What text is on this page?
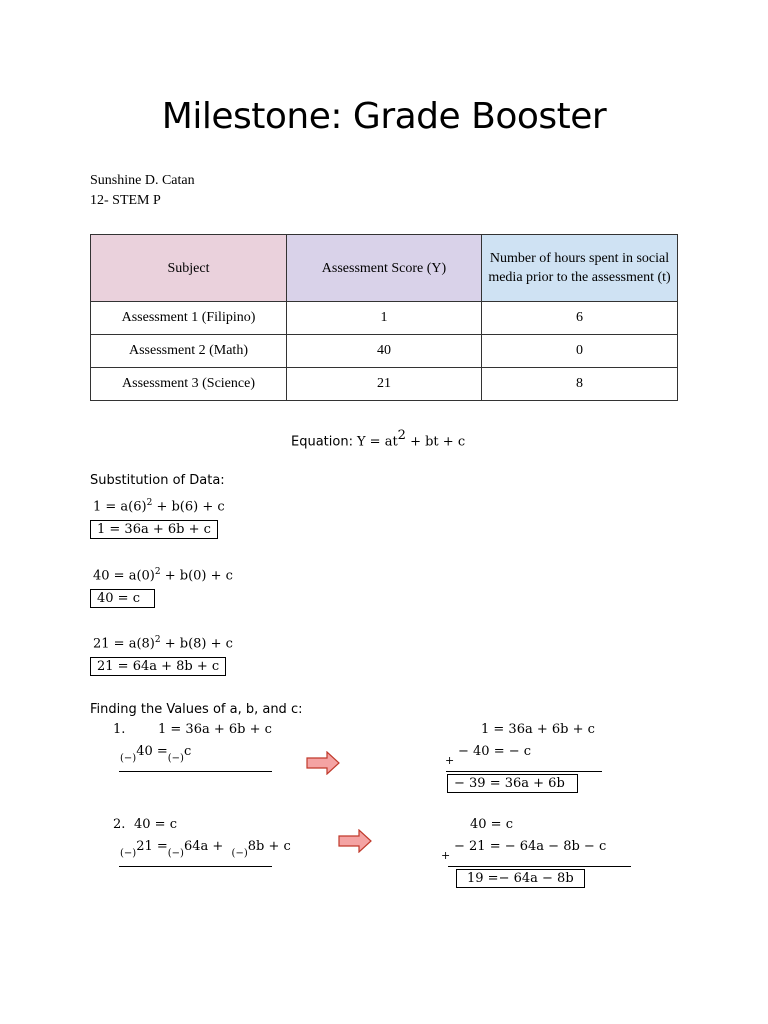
Milestone: Grade Booster
Sunshine D. Catan
12- STEM P
Subject	Assessment Score (Y)	Number of hours spent in social media prior to the assessment (t)
Assessment 1 (Filipino)	1	6
Assessment 2 (Math)	40	0
Assessment 3 (Science)	21	8
Equation: $Y = at^2$ + bt + c
Substitution of Data:
$1 = a(6)^2 + b(6) + c$
1 = 36a + 6b + c
$40 = a(0)^2 + b(0) + c$
40 = c
$21 = a(8)^2 + b(8) + c$
21 = 64a + 8b + c
Finding the Values of a, b, and c:
1.	1 = 36a + 6b + c
$_{(-)}40 =_{(-)}c$
1 = 36a + 6b + c
+
− 40 = − c
− 39 = 36a + 6b
2. 40 = c
$_{(-)}21 =_{(-)}64a + _{(-)}8b + c$
40 = c
+
− 21 = − 64a − 8b − c
19 =− 64a − 8b
